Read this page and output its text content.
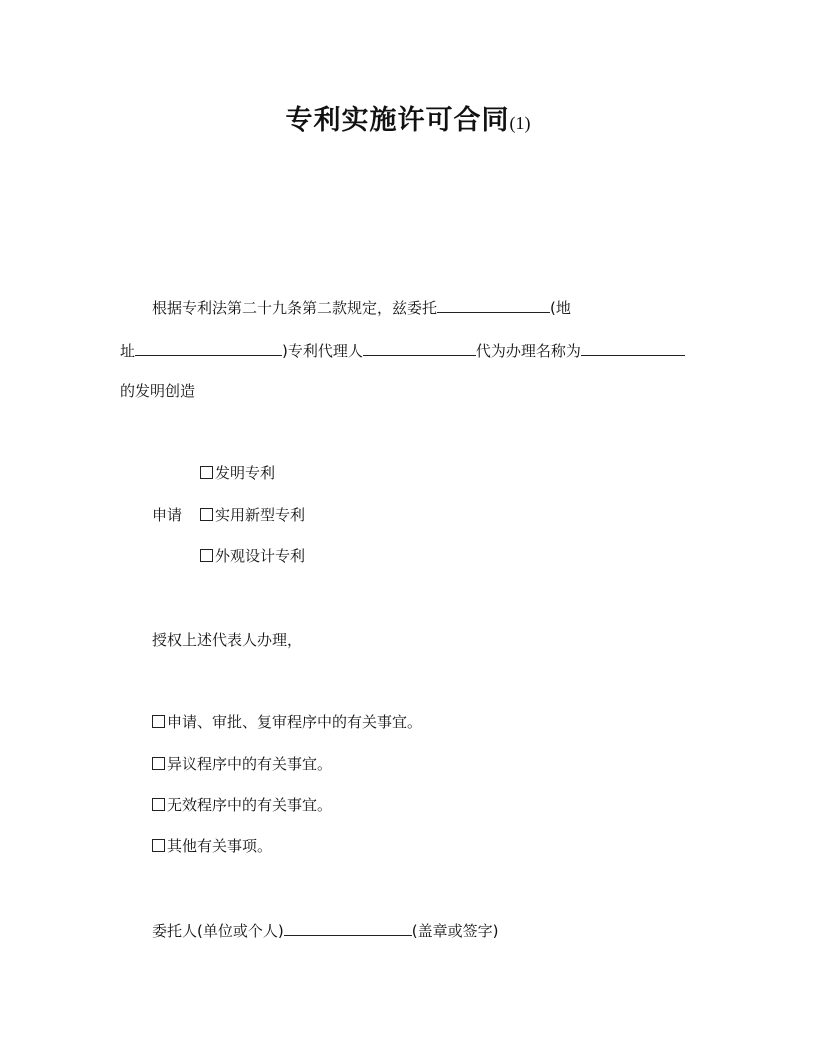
专利实施许可合同(1)
根据专利法第二十九条第二款规定，兹委托	(地
址	)专利代理人	代为办理名称为
的发明创造
发明专利
申请	实用新型专利
外观设计专利
授权上述代表人办理，
申请、审批、复审程序中的有关事宜。
异议程序中的有关事宜。
无效程序中的有关事宜。
其他有关事项。
委托人(单位或个人)	(盖章或签字)
